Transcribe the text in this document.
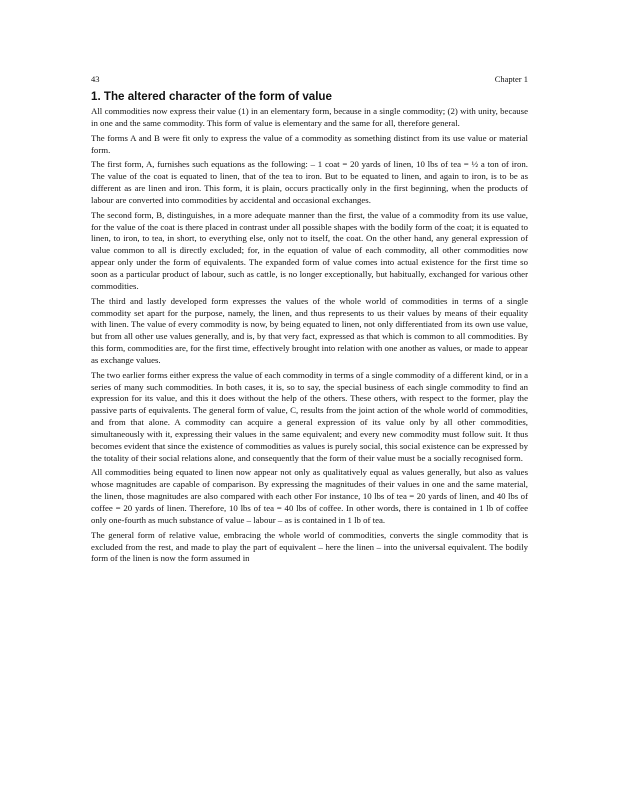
43	Chapter 1
1. The altered character of the form of value

All commodities now express their value (1) in an elementary form, because in a single commodity; (2) with unity, because in one and the same commodity. This form of value is elementary and the same for all, therefore general.

The forms A and B were fit only to express the value of a commodity as something distinct from its use value or material form.

The first form, A, furnishes such equations as the following: – 1 coat = 20 yards of linen, 10 lbs of tea = ½ a ton of iron. The value of the coat is equated to linen, that of the tea to iron. But to be equated to linen, and again to iron, is to be as different as are linen and iron. This form, it is plain, occurs practically only in the first beginning, when the products of labour are converted into commodities by accidental and occasional exchanges.

The second form, B, distinguishes, in a more adequate manner than the first, the value of a commodity from its use value, for the value of the coat is there placed in contrast under all possible shapes with the bodily form of the coat; it is equated to linen, to iron, to tea, in short, to everything else, only not to itself, the coat. On the other hand, any general expression of value common to all is directly excluded; for, in the equation of value of each commodity, all other commodities now appear only under the form of equivalents. The expanded form of value comes into actual existence for the first time so soon as a particular product of labour, such as cattle, is no longer exceptionally, but habitually, exchanged for various other commodities.

The third and lastly developed form expresses the values of the whole world of commodities in terms of a single commodity set apart for the purpose, namely, the linen, and thus represents to us their values by means of their equality with linen. The value of every commodity is now, by being equated to linen, not only differentiated from its own use value, but from all other use values generally, and is, by that very fact, expressed as that which is common to all commodities. By this form, commodities are, for the first time, effectively brought into relation with one another as values, or made to appear as exchange values.

The two earlier forms either express the value of each commodity in terms of a single commodity of a different kind, or in a series of many such commodities. In both cases, it is, so to say, the special business of each single commodity to find an expression for its value, and this it does without the help of the others. These others, with respect to the former, play the passive parts of equivalents. The general form of value, C, results from the joint action of the whole world of commodities, and from that alone. A commodity can acquire a general expression of its value only by all other commodities, simultaneously with it, expressing their values in the same equivalent; and every new commodity must follow suit. It thus becomes evident that since the existence of commodities as values is purely social, this social existence can be expressed by the totality of their social relations alone, and consequently that the form of their value must be a socially recognised form.

All commodities being equated to linen now appear not only as qualitatively equal as values generally, but also as values whose magnitudes are capable of comparison. By expressing the magnitudes of their values in one and the same material, the linen, those magnitudes are also compared with each other For instance, 10 lbs of tea = 20 yards of linen, and 40 lbs of coffee = 20 yards of linen. Therefore, 10 lbs of tea = 40 lbs of coffee. In other words, there is contained in 1 lb of coffee only one-fourth as much substance of value – labour – as is contained in 1 lb of tea.

The general form of relative value, embracing the whole world of commodities, converts the single commodity that is excluded from the rest, and made to play the part of equivalent – here the linen – into the universal equivalent. The bodily form of the linen is now the form assumed in
